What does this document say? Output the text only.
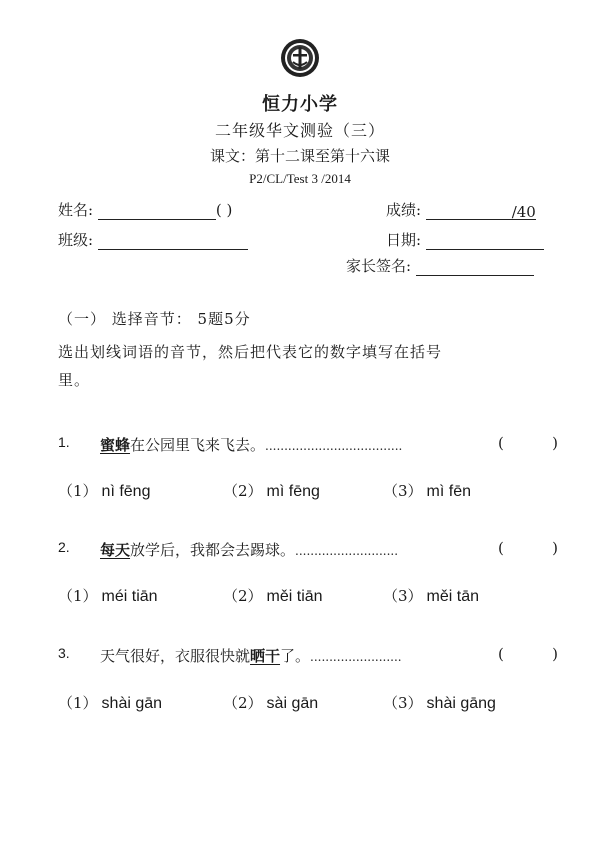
恒力小学
二年级华文测验（三）
课文：第十二课至第十六课
P2/CL/Test 3 /2014
姓名:	( )	成绩:	/40
班级:	日期:
家长签名:
（一） 选择音节： 5题5分
选出划线词语的音节，然后把代表它的数字填写在括号
里。
1. 蜜蜂在公园里飞来飞去。....................................	(	)
（1） nì fēng	（2） mì fēng	（3） mì fēn
2. 每天放学后，我都会去踢球。...........................	(	)
（1） méi tiān	（2） měi tiān	（3） měi tān
3. 天气很好，衣服很快就晒干了。........................	(	)
（1） shài gān	（2） sài gān	（3） shài gāng
